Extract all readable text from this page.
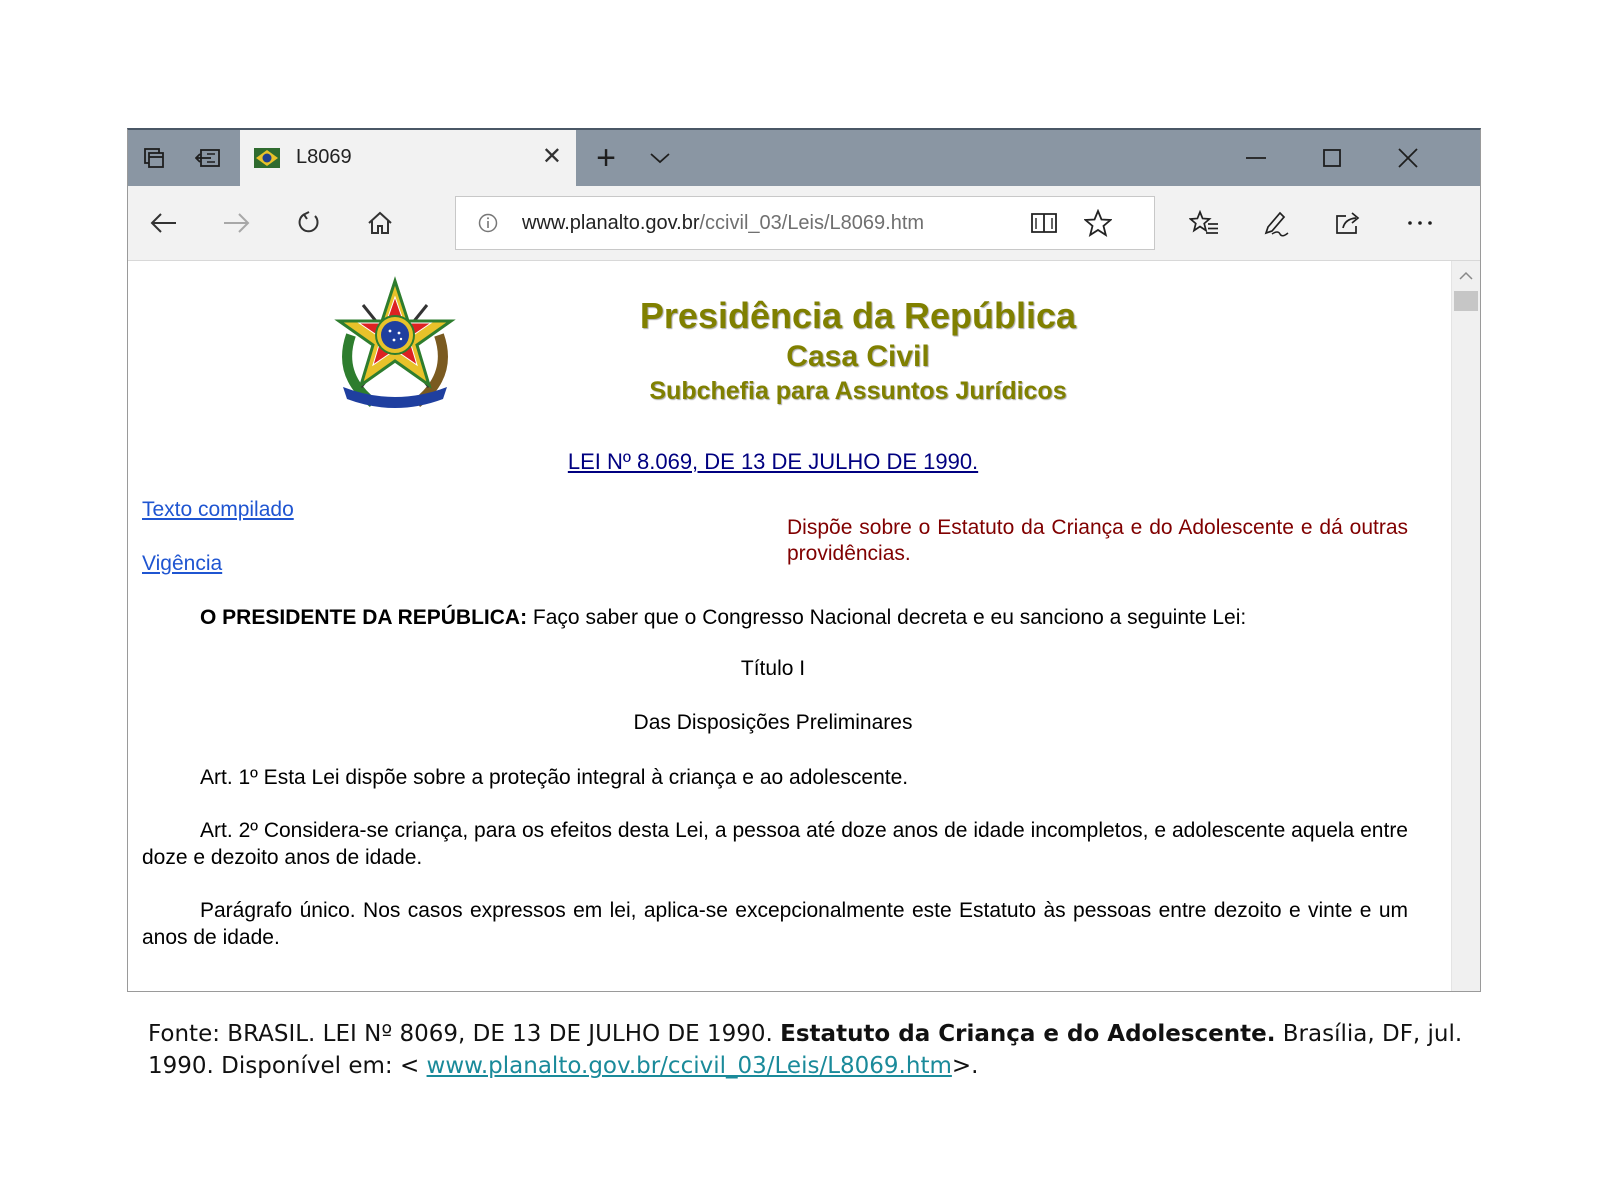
L8069	✕	+
www.planalto.gov.br/ccivil_03/Leis/L8069.htm
Presidência da República
Casa Civil
Subchefia para Assuntos Jurídicos
LEI Nº 8.069, DE 13 DE JULHO DE 1990.
Texto compilado
Vigência
Dispõe sobre o Estatuto da Criança e do Adolescente e dá outras providências.
O PRESIDENTE DA REPÚBLICA: Faço saber que o Congresso Nacional decreta e eu sanciono a seguinte Lei:
Título I
Das Disposições Preliminares
Art. 1º Esta Lei dispõe sobre a proteção integral à criança e ao adolescente.
Art. 2º Considera-se criança, para os efeitos desta Lei, a pessoa até doze anos de idade incompletos, e adolescente aquela entre doze e dezoito anos de idade.
Parágrafo único. Nos casos expressos em lei, aplica-se excepcionalmente este Estatuto às pessoas entre dezoito e vinte e um anos de idade.
Fonte: BRASIL. LEI Nº 8069, DE 13 DE JULHO DE 1990. Estatuto da Criança e do Adolescente. Brasília, DF, jul. 1990. Disponível em: < www.planalto.gov.br/ccivil_03/Leis/L8069.htm>.
